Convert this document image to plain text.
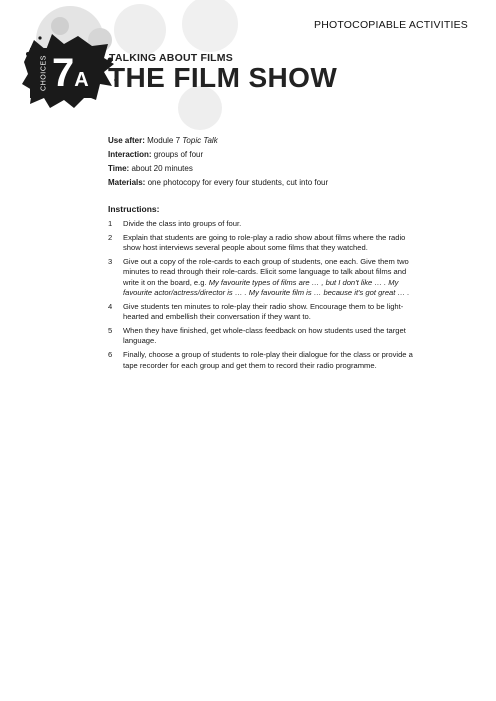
PHOTOCOPIABLE ACTIVITIES
CHOICES 7A
TALKING ABOUT FILMS
THE FILM SHOW
Use after: Module 7 Topic Talk
Interaction: groups of four
Time: about 20 minutes
Materials: one photocopy for every four students, cut into four
Instructions:
1	Divide the class into groups of four.
2	Explain that students are going to role-play a radio show about films where the radio show host interviews several people about some films that they watched.
3	Give out a copy of the role-cards to each group of students, one each. Give them two minutes to read through their role-cards. Elicit some language to talk about films and write it on the board, e.g. My favourite types of films are … , but I don't like … . My favourite actor/actress/director is … . My favourite film is … because it's got great … .
4	Give students ten minutes to role-play their radio show. Encourage them to be light-hearted and embellish their conversation if they want to.
5	When they have finished, get whole-class feedback on how students used the target language.
6	Finally, choose a group of students to role-play their dialogue for the class or provide a tape recorder for each group and get them to record their radio programme.
